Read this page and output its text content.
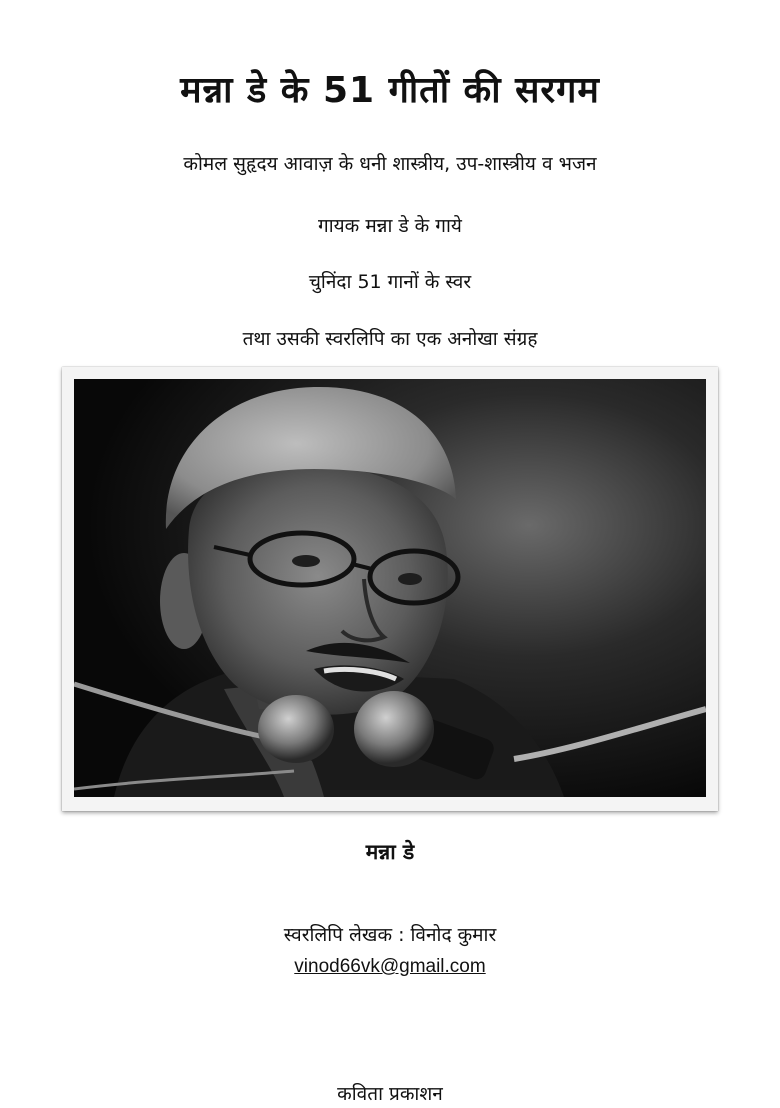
मन्ना डे के 51 गीतों की सरगम
कोमल सुहृदय आवाज़ के धनी शास्त्रीय, उप-शास्त्रीय व भजन
गायक मन्ना डे के गाये
चुनिंदा 51 गानों के स्वर
तथा उसकी स्वरलिपि का एक अनोखा संग्रह
मन्ना डे
स्वरलिपि लेखक : विनोद कुमार
vinod66vk@gmail.com
कविता प्रकाशन
